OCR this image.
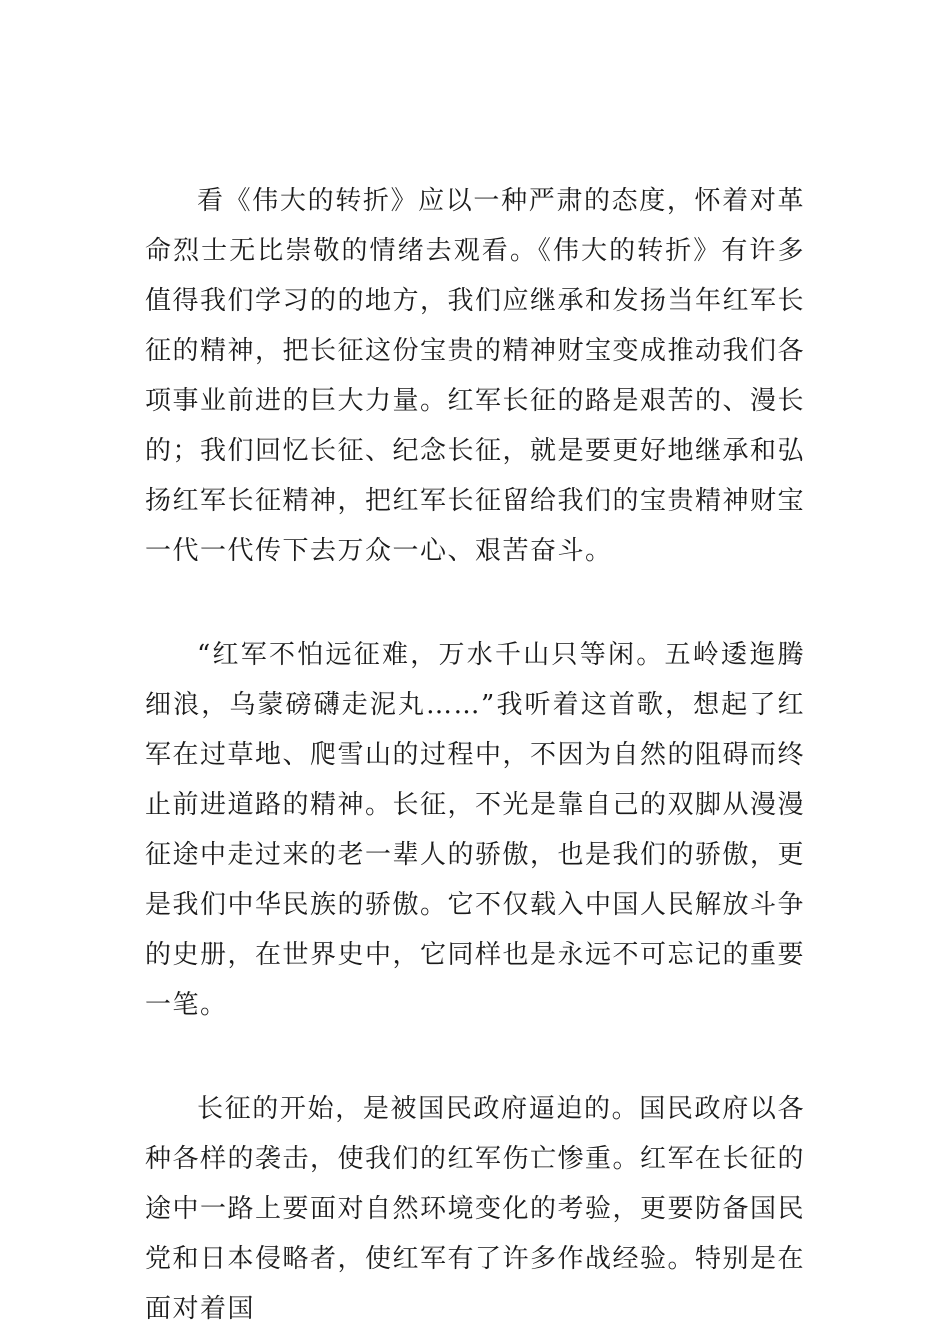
看《伟大的转折》应以一种严肃的态度，怀着对革命烈士无比崇敬的情绪去观看。《伟大的转折》有许多值得我们学习的的地方，我们应继承和发扬当年红军长征的精神，把长征这份宝贵的精神财宝变成推动我们各项事业前进的巨大力量。红军长征的路是艰苦的、漫长的；我们回忆长征、纪念长征，就是要更好地继承和弘扬红军长征精神，把红军长征留给我们的宝贵精神财宝一代一代传下去万众一心、艰苦奋斗。

“红军不怕远征难，万水千山只等闲。五岭逶迤腾细浪，乌蒙磅礴走泥丸……”我听着这首歌，想起了红军在过草地、爬雪山的过程中，不因为自然的阻碍而终止前进道路的精神。长征，不光是靠自己的双脚从漫漫征途中走过来的老一辈人的骄傲，也是我们的骄傲，更是我们中华民族的骄傲。它不仅载入中国人民解放斗争的史册，在世界史中，它同样也是永远不可忘记的重要一笔。

长征的开始，是被国民政府逼迫的。国民政府以各种各样的袭击，使我们的红军伤亡惨重。红军在长征的途中一路上要面对自然环境变化的考验，更要防备国民党和日本侵略者，使红军有了许多作战经验。特别是在面对着国
